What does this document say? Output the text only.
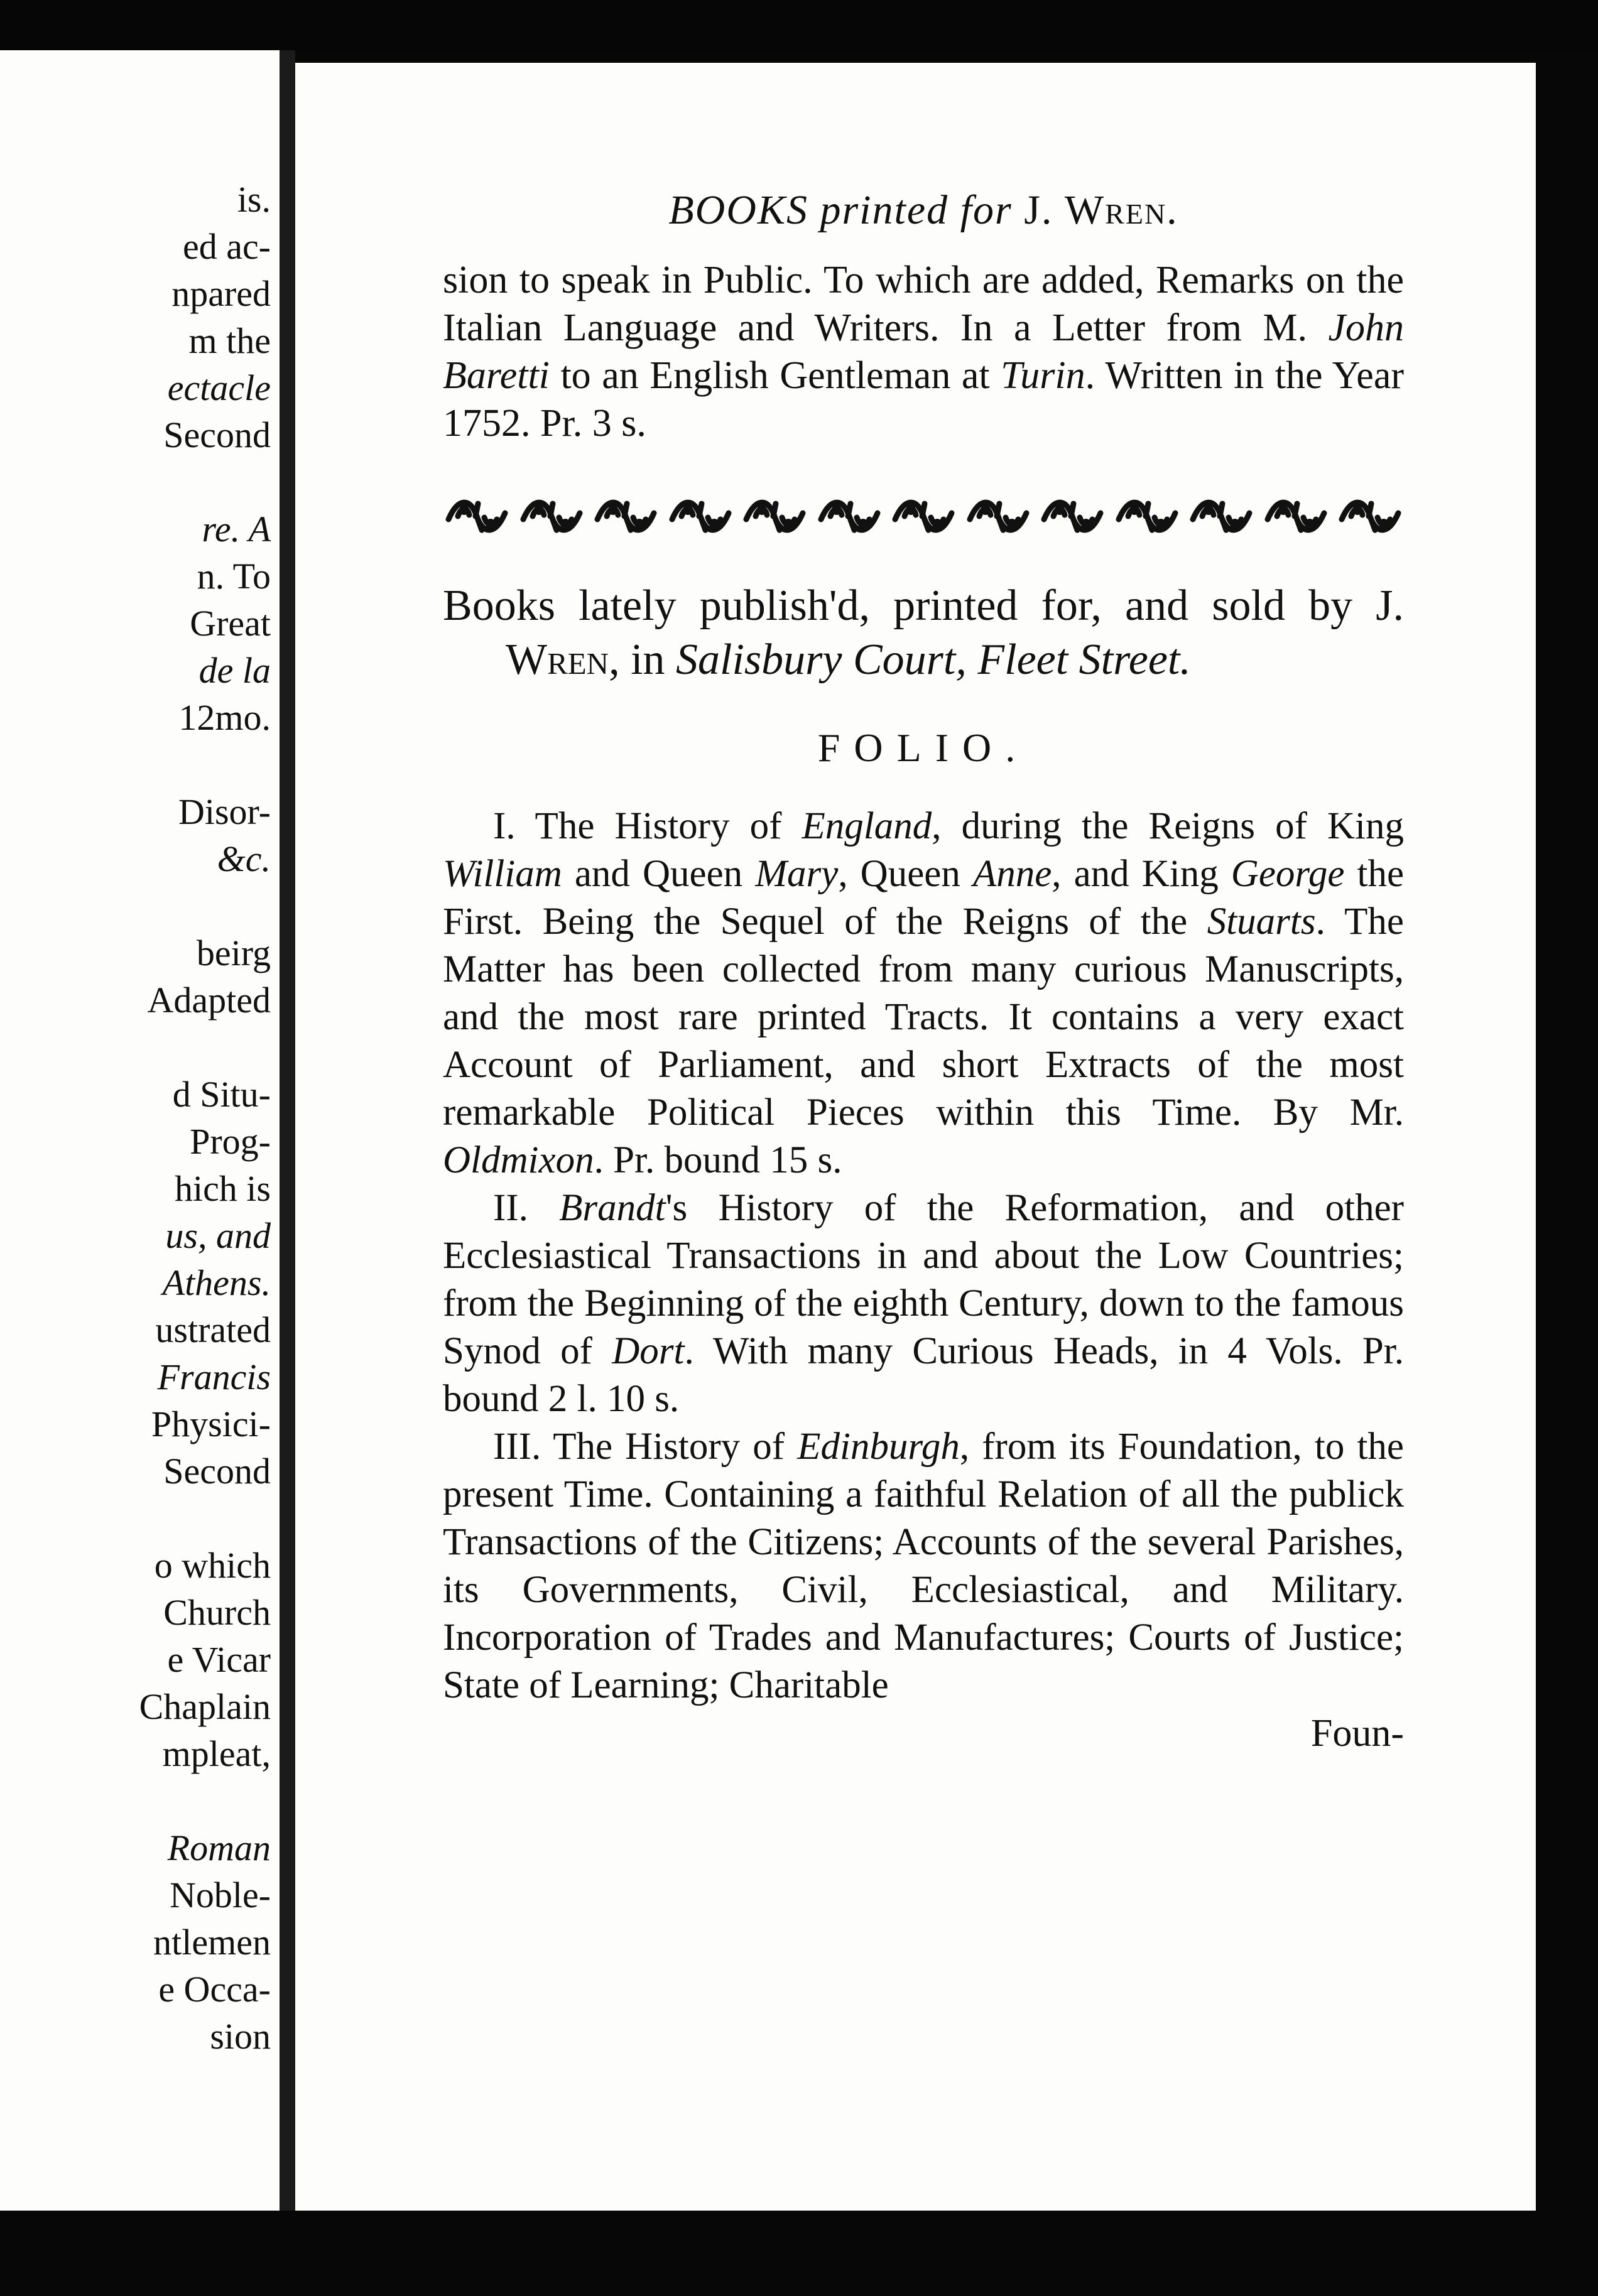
is.
ed ac-
npared
m the
ectacle
Second
re. A
n. To
Great
de la
12mo.
Disor-
&c.
beirg
Adapted
d Situ-
Prog-
hich is
us, and
Athens.
ustrated
Francis
Physici-
Second
o which
Church
e Vicar
Chaplain
mpleat,
Roman
Noble-
ntlemen
e Occa-
sion
BOOKS printed for J. Wren.

sion to speak in Public. To which are added, Remarks on the Italian Language and Writers. In a Letter from M. John Baretti to an English Gentleman at Turin. Written in the Year 1752. Pr. 3 s.

Books lately publish'd, printed for, and sold by J. Wren, in Salisbury Court, Fleet Street.

FOLIO.

I. The History of England, during the Reigns of King William and Queen Mary, Queen Anne, and King George the First. Being the Sequel of the Reigns of the Stuarts. The Matter has been collected from many curious Manuscripts, and the most rare printed Tracts. It contains a very exact Account of Parliament, and short Extracts of the most remarkable Political Pieces within this Time. By Mr. Oldmixon. Pr. bound 15 s.

II. Brandt's History of the Reformation, and other Ecclesiastical Transactions in and about the Low Countries; from the Beginning of the eighth Century, down to the famous Synod of Dort. With many Curious Heads, in 4 Vols. Pr. bound 2 l. 10 s.

III. The History of Edinburgh, from its Foundation, to the present Time. Containing a faithful Relation of all the publick Transactions of the Citizens; Accounts of the several Parishes, its Governments, Civil, Ecclesiastical, and Military. Incorporation of Trades and Manufactures; Courts of Justice; State of Learning; Charitable

Foun-
